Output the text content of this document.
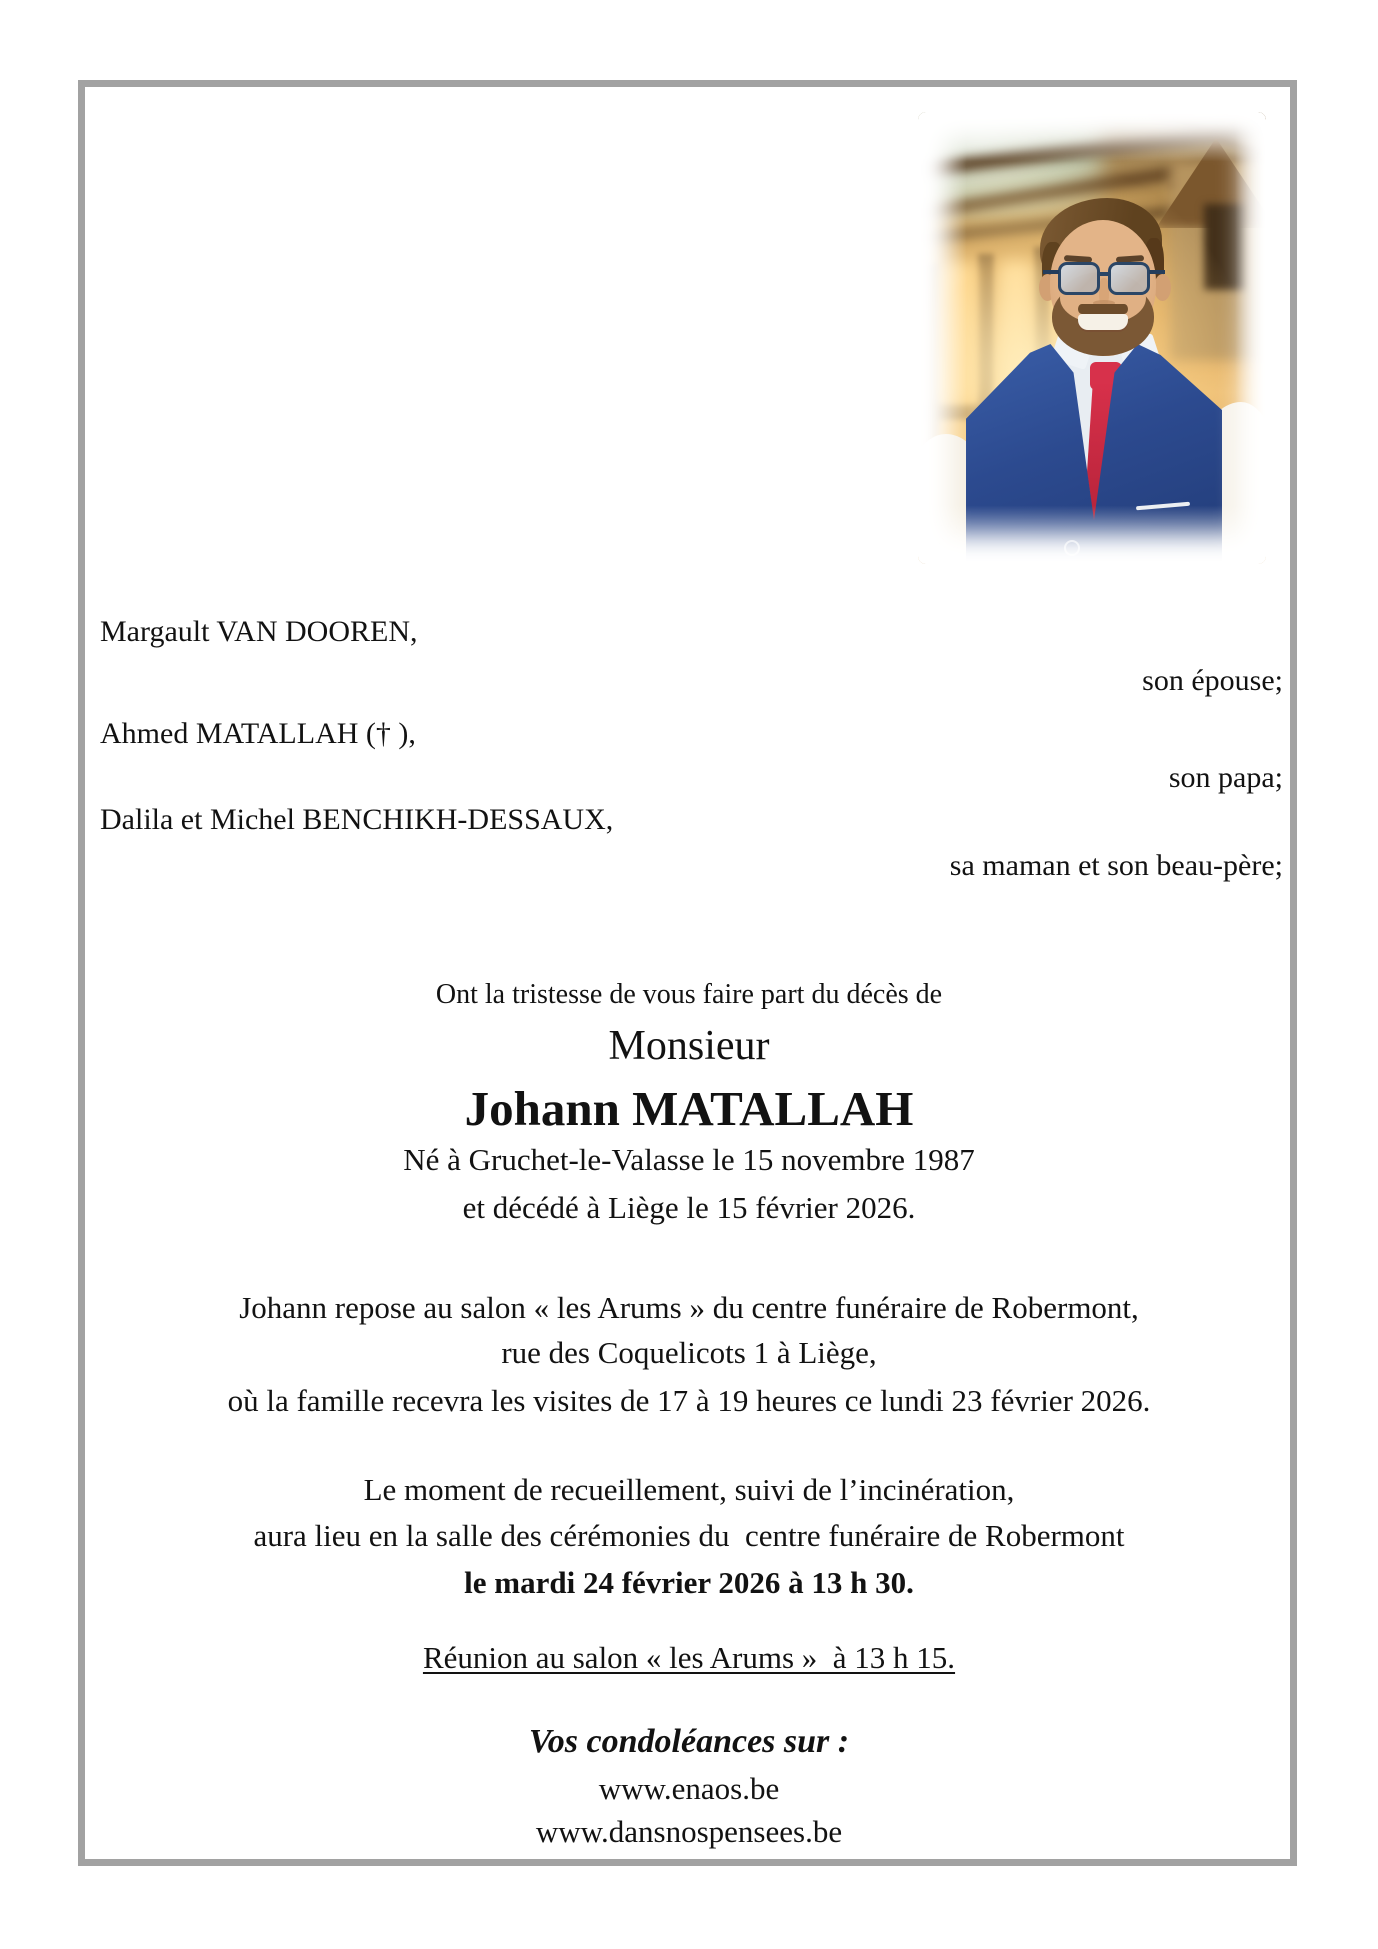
Margault VAN DOOREN,
son épouse;
Ahmed MATALLAH († ),
son papa;
Dalila et Michel BENCHIKH-DESSAUX,
sa maman et son beau-père;
Ont la tristesse de vous faire part du décès de
Monsieur
Johann MATALLAH
Né à Gruchet-le-Valasse le 15 novembre 1987
et décédé à Liège le 15 février 2026.
Johann repose au salon « les Arums » du centre funéraire de Robermont,
rue des Coquelicots 1 à Liège,
où la famille recevra les visites de 17 à 19 heures ce lundi 23 février 2026.
Le moment de recueillement, suivi de l’incinération,
aura lieu en la salle des cérémonies du  centre funéraire de Robermont
le mardi 24 février 2026 à 13 h 30.
Réunion au salon « les Arums »  à 13 h 15.
Vos condoléances sur :
www.enaos.be
www.dansnospensees.be
